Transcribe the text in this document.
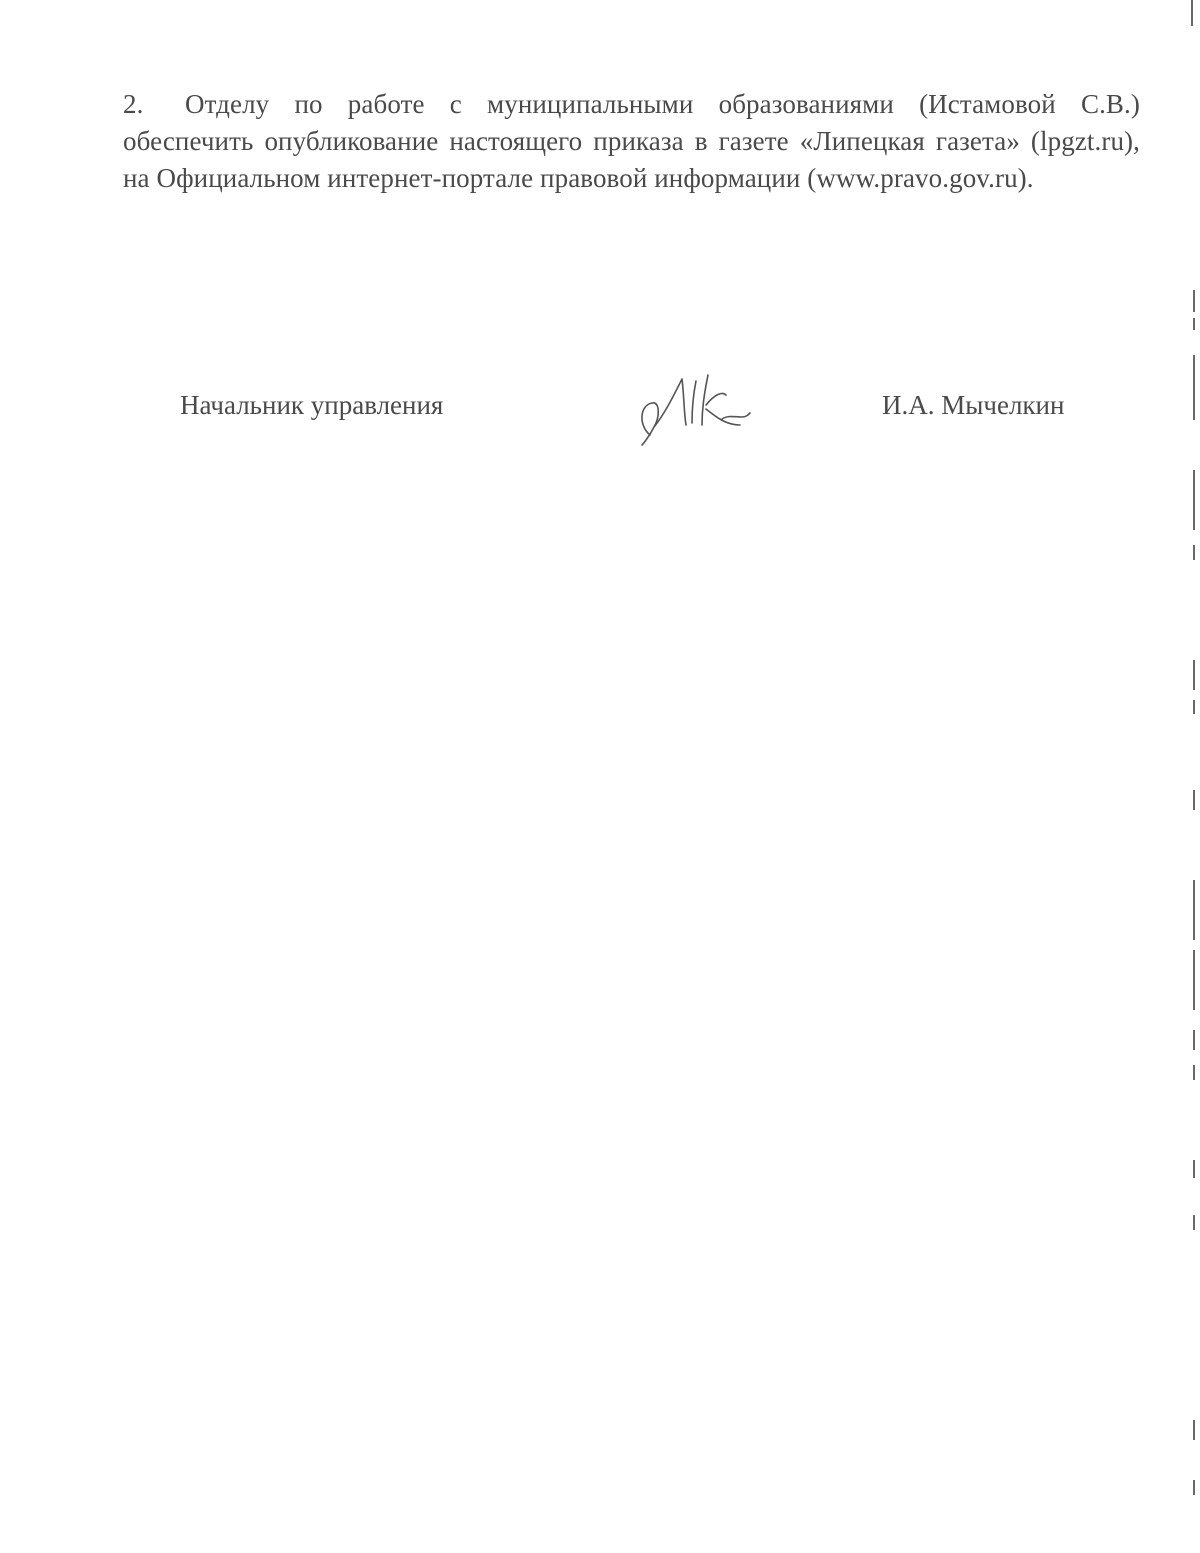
2. Отделу по работе с муниципальными образованиями (Истамовой С.В.)
обеспечить опубликование настоящего приказа в газете «Липецкая газета» (lpgzt.ru),
на Официальном интернет-портале правовой информации (www.pravo.gov.ru).
Начальник управления	И.А. Мычелкин
